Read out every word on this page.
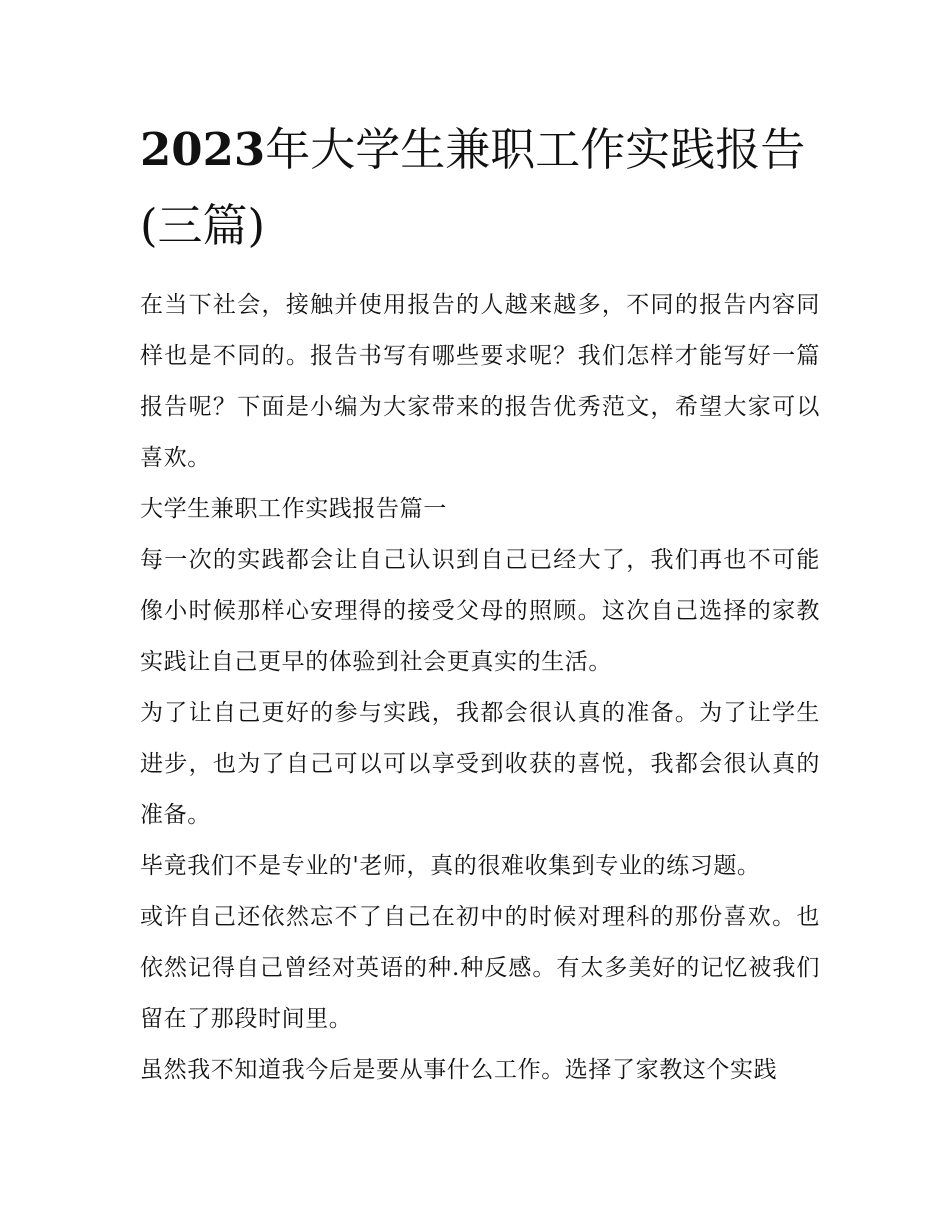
2023年大学生兼职工作实践报告(三篇)

在当下社会，接触并使用报告的人越来越多，不同的报告内容同样也是不同的。报告书写有哪些要求呢？我们怎样才能写好一篇报告呢？下面是小编为大家带来的报告优秀范文，希望大家可以喜欢。

大学生兼职工作实践报告篇一

每一次的实践都会让自己认识到自己已经大了，我们再也不可能像小时候那样心安理得的接受父母的照顾。这次自己选择的家教实践让自己更早的体验到社会更真实的生活。

为了让自己更好的参与实践，我都会很认真的准备。为了让学生进步，也为了自己可以可以享受到收获的喜悦，我都会很认真的准备。

毕竟我们不是专业的'老师，真的很难收集到专业的练习题。

或许自己还依然忘不了自己在初中的时候对理科的那份喜欢。也依然记得自己曾经对英语的种.种反感。有太多美好的记忆被我们留在了那段时间里。

虽然我不知道我今后是要从事什么工作。选择了家教这个实践
